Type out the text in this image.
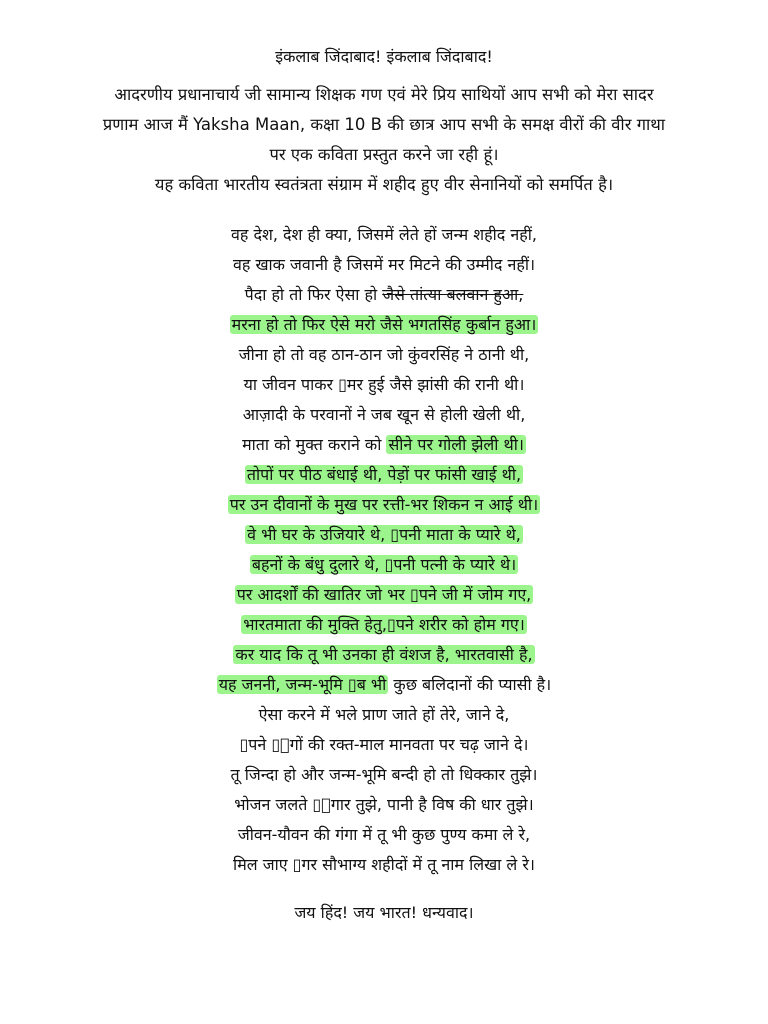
इंकलाब जिंदाबाद! इंकलाब जिंदाबाद!
आदरणीय प्रधानाचार्य जी सामान्य शिक्षक गण एवं मेरे प्रिय साथियों आप सभी को मेरा सादर
प्रणाम आज मैं Yaksha Maan, कक्षा 10 B की छात्र आप सभी के समक्ष वीरों की वीर गाथा
पर एक कविता प्रस्तुत करने जा रही हूं।
यह कविता भारतीय स्वतंत्रता संग्राम में शहीद हुए वीर सेनानियों को समर्पित है।
वह देश, देश ही क्या, जिसमें लेते हों जन्म शहीद नहीं,
वह खाक जवानी है जिसमें मर मिटने की उम्मीद नहीं।
पैदा हो तो फिर ऐसा हो जैसे तांत्या बलवान हुआ,
मरना हो तो फिर ऐसे मरो जैसे भगतसिंह कुर्बान हुआ।
जीना हो तो वह ठान-ठान जो कुंवरसिंह ने ठानी थी,
या जीवन पाकर ▯मर हुई जैसे झांसी की रानी थी।
आज़ादी के परवानों ने जब खून से होली खेली थी,
माता को मुक्त कराने को सीने पर गोली झेली थी।
तोपों पर पीठ बंधाई थी, पेड़ों पर फांसी खाई थी,
पर उन दीवानों के मुख पर रत्ती-भर शिकन न आई थी।
वे भी घर के उजियारे थे, ▯पनी माता के प्यारे थे,
बहनों के बंधु दुलारे थे, ▯पनी पत्नी के प्यारे थे।
पर आदर्शों की खातिर जो भर ▯पने जी में जोम गए,
भारतमाता की मुक्ति हेतु,▯पने शरीर को होम गए।
कर याद कि तू भी उनका ही वंशज है, भारतवासी है,
यह जननी, जन्म-भूमि ▯ब भी कुछ बलिदानों की प्यासी है।
ऐसा करने में भले प्राण जाते हों तेरे, जाने दे,
▯पने ▯ंगों की रक्त-माल मानवता पर चढ़ जाने दे।
तू जिन्दा हो और जन्म-भूमि बन्दी हो तो धिक्कार तुझे।
भोजन जलते ▯ंगार तुझे, पानी है विष की धार तुझे।
जीवन-यौवन की गंगा में तू भी कुछ पुण्य कमा ले रे,
मिल जाए ▯गर सौभाग्य शहीदों में तू नाम लिखा ले रे।
जय हिंद! जय भारत! धन्यवाद।
